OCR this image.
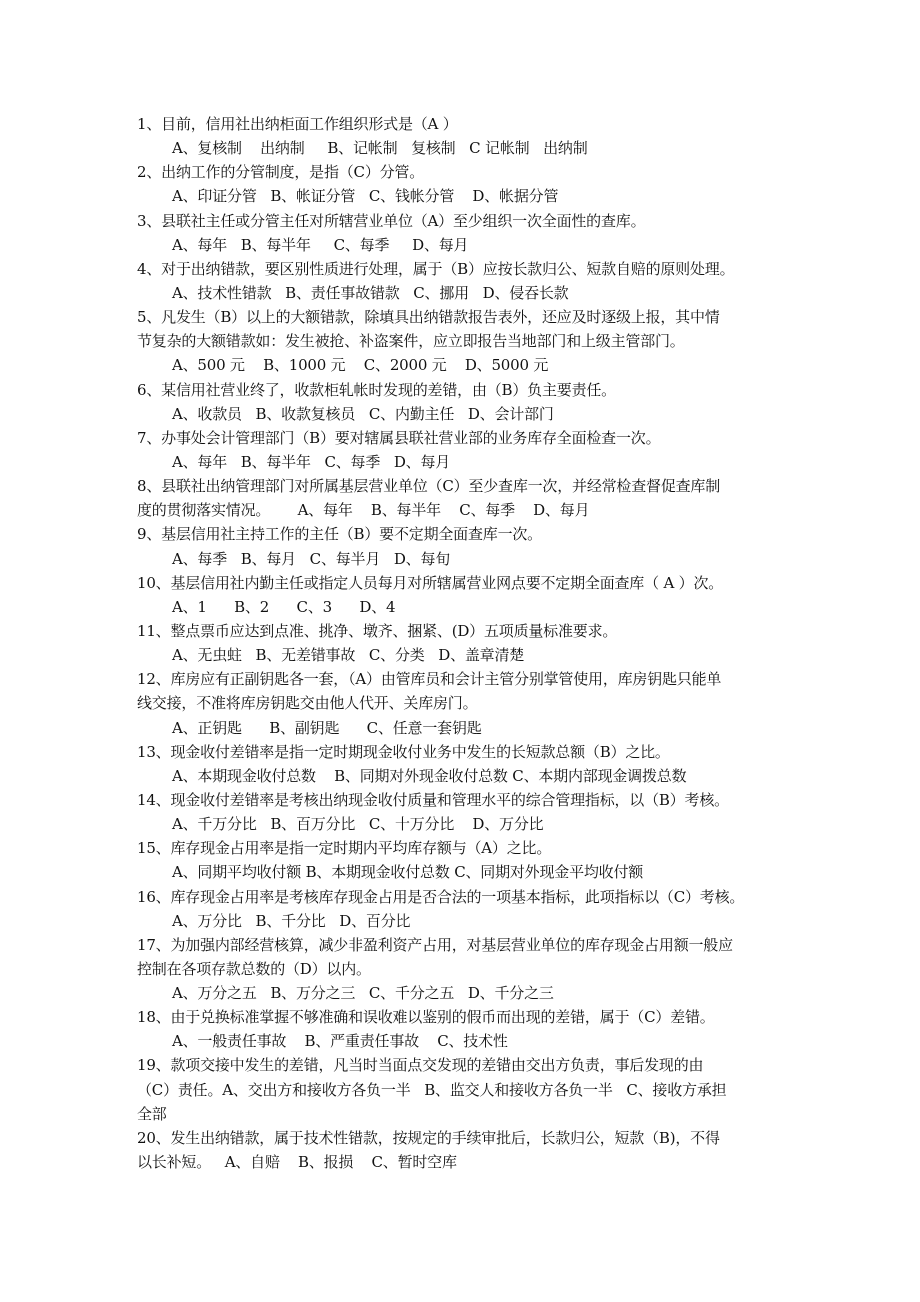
1、目前，信用社出纳柜面工作组织形式是（A ）
A、复核制    出纳制     B、记帐制   复核制   C 记帐制   出纳制
2、出纳工作的分管制度，是指（C）分管。
A、印证分管   B、帐证分管   C、钱帐分管    D、帐据分管
3、县联社主任或分管主任对所辖营业单位（A）至少组织一次全面性的查库。
A、每年   B、每半年     C、每季     D、每月
4、对于出纳错款，要区别性质进行处理，属于（B）应按长款归公、短款自赔的原则处理。
A、技术性错款   B、责任事故错款   C、挪用   D、侵吞长款
5、凡发生（B）以上的大额错款，除填具出纳错款报告表外，还应及时逐级上报，其中情
节复杂的大额错款如：发生被抢、补盗案件，应立即报告当地部门和上级主管部门。
A、500 元    B、1000 元    C、2000 元    D、5000 元
6、某信用社营业终了，收款柜轧帐时发现的差错，由（B）负主要责任。
A、收款员   B、收款复核员   C、内勤主任   D、会计部门
7、办事处会计管理部门（B）要对辖属县联社营业部的业务库存全面检查一次。
A、每年   B、每半年   C、每季   D、每月
8、县联社出纳管理部门对所属基层营业单位（C）至少查库一次，并经常检查督促查库制
度的贯彻落实情况。      A、每年    B、每半年    C、每季    D、每月
9、基层信用社主持工作的主任（B）要不定期全面查库一次。
A、每季   B、每月   C、每半月   D、每旬
10、基层信用社内勤主任或指定人员每月对所辖属营业网点要不定期全面查库（ A ）次。
A、1      B、2      C、3      D、4
11、整点票币应达到点准、挑净、墩齐、捆紧、(D）五项质量标准要求。
A、无虫蛀   B、无差错事故   C、分类   D、盖章清楚
12、库房应有正副钥匙各一套，（A）由管库员和会计主管分别掌管使用，库房钥匙只能单
线交接，不准将库房钥匙交由他人代开、关库房门。
A、正钥匙      B、副钥匙      C、任意一套钥匙
13、现金收付差错率是指一定时期现金收付业务中发生的长短款总额（B）之比。
A、本期现金收付总数    B、同期对外现金收付总数 C、本期内部现金调拨总数
14、现金收付差错率是考核出纳现金收付质量和管理水平的综合管理指标，以（B）考核。
A、千万分比   B、百万分比   C、十万分比    D、万分比
15、库存现金占用率是指一定时期内平均库存额与（A）之比。
A、同期平均收付额 B、本期现金收付总数 C、同期对外现金平均收付额
16、库存现金占用率是考核库存现金占用是否合法的一项基本指标，此项指标以（C）考核。
A、万分比   B、千分比   D、百分比
17、为加强内部经营核算，减少非盈利资产占用，对基层营业单位的库存现金占用额一般应
控制在各项存款总数的（D）以内。
A、万分之五   B、万分之三   C、千分之五   D、千分之三
18、由于兑换标准掌握不够准确和误收难以鉴别的假币而出现的差错，属于（C）差错。
A、一般责任事故    B、严重责任事故    C、技术性
19、款项交接中发生的差错，凡当时当面点交发现的差错由交出方负责，事后发现的由
（C）责任。A、交出方和接收方各负一半   B、监交人和接收方各负一半   C、接收方承担
全部
20、发生出纳错款，属于技术性错款，按规定的手续审批后，长款归公，短款（B)，不得
以长补短。   A、自赔    B、报损    C、暂时空库
